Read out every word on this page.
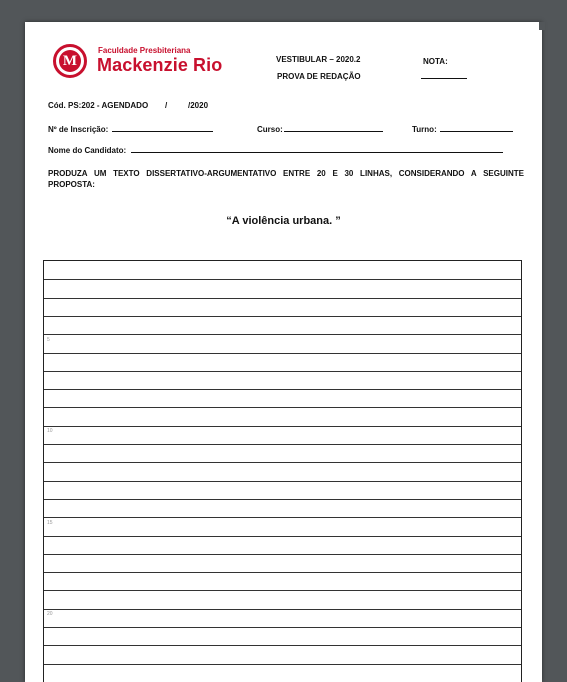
M
Faculdade Presbiteriana
Mackenzie Rio	VESTIBULAR – 2020.2
PROVA DE REDAÇÃO
NOTA:
Cód. PS:202 - AGENDADO /	/2020
Nº de Inscrição:	Curso:	Turno:
Nome do Candidato:
PRODUZA UM TEXTO DISSERTATIVO-ARGUMENTATIVO ENTRE 20 E 30 LINHAS, CONSIDERANDO A SEGUINTE PROPOSTA:
“A violência urbana. ”
5
10
15
20
